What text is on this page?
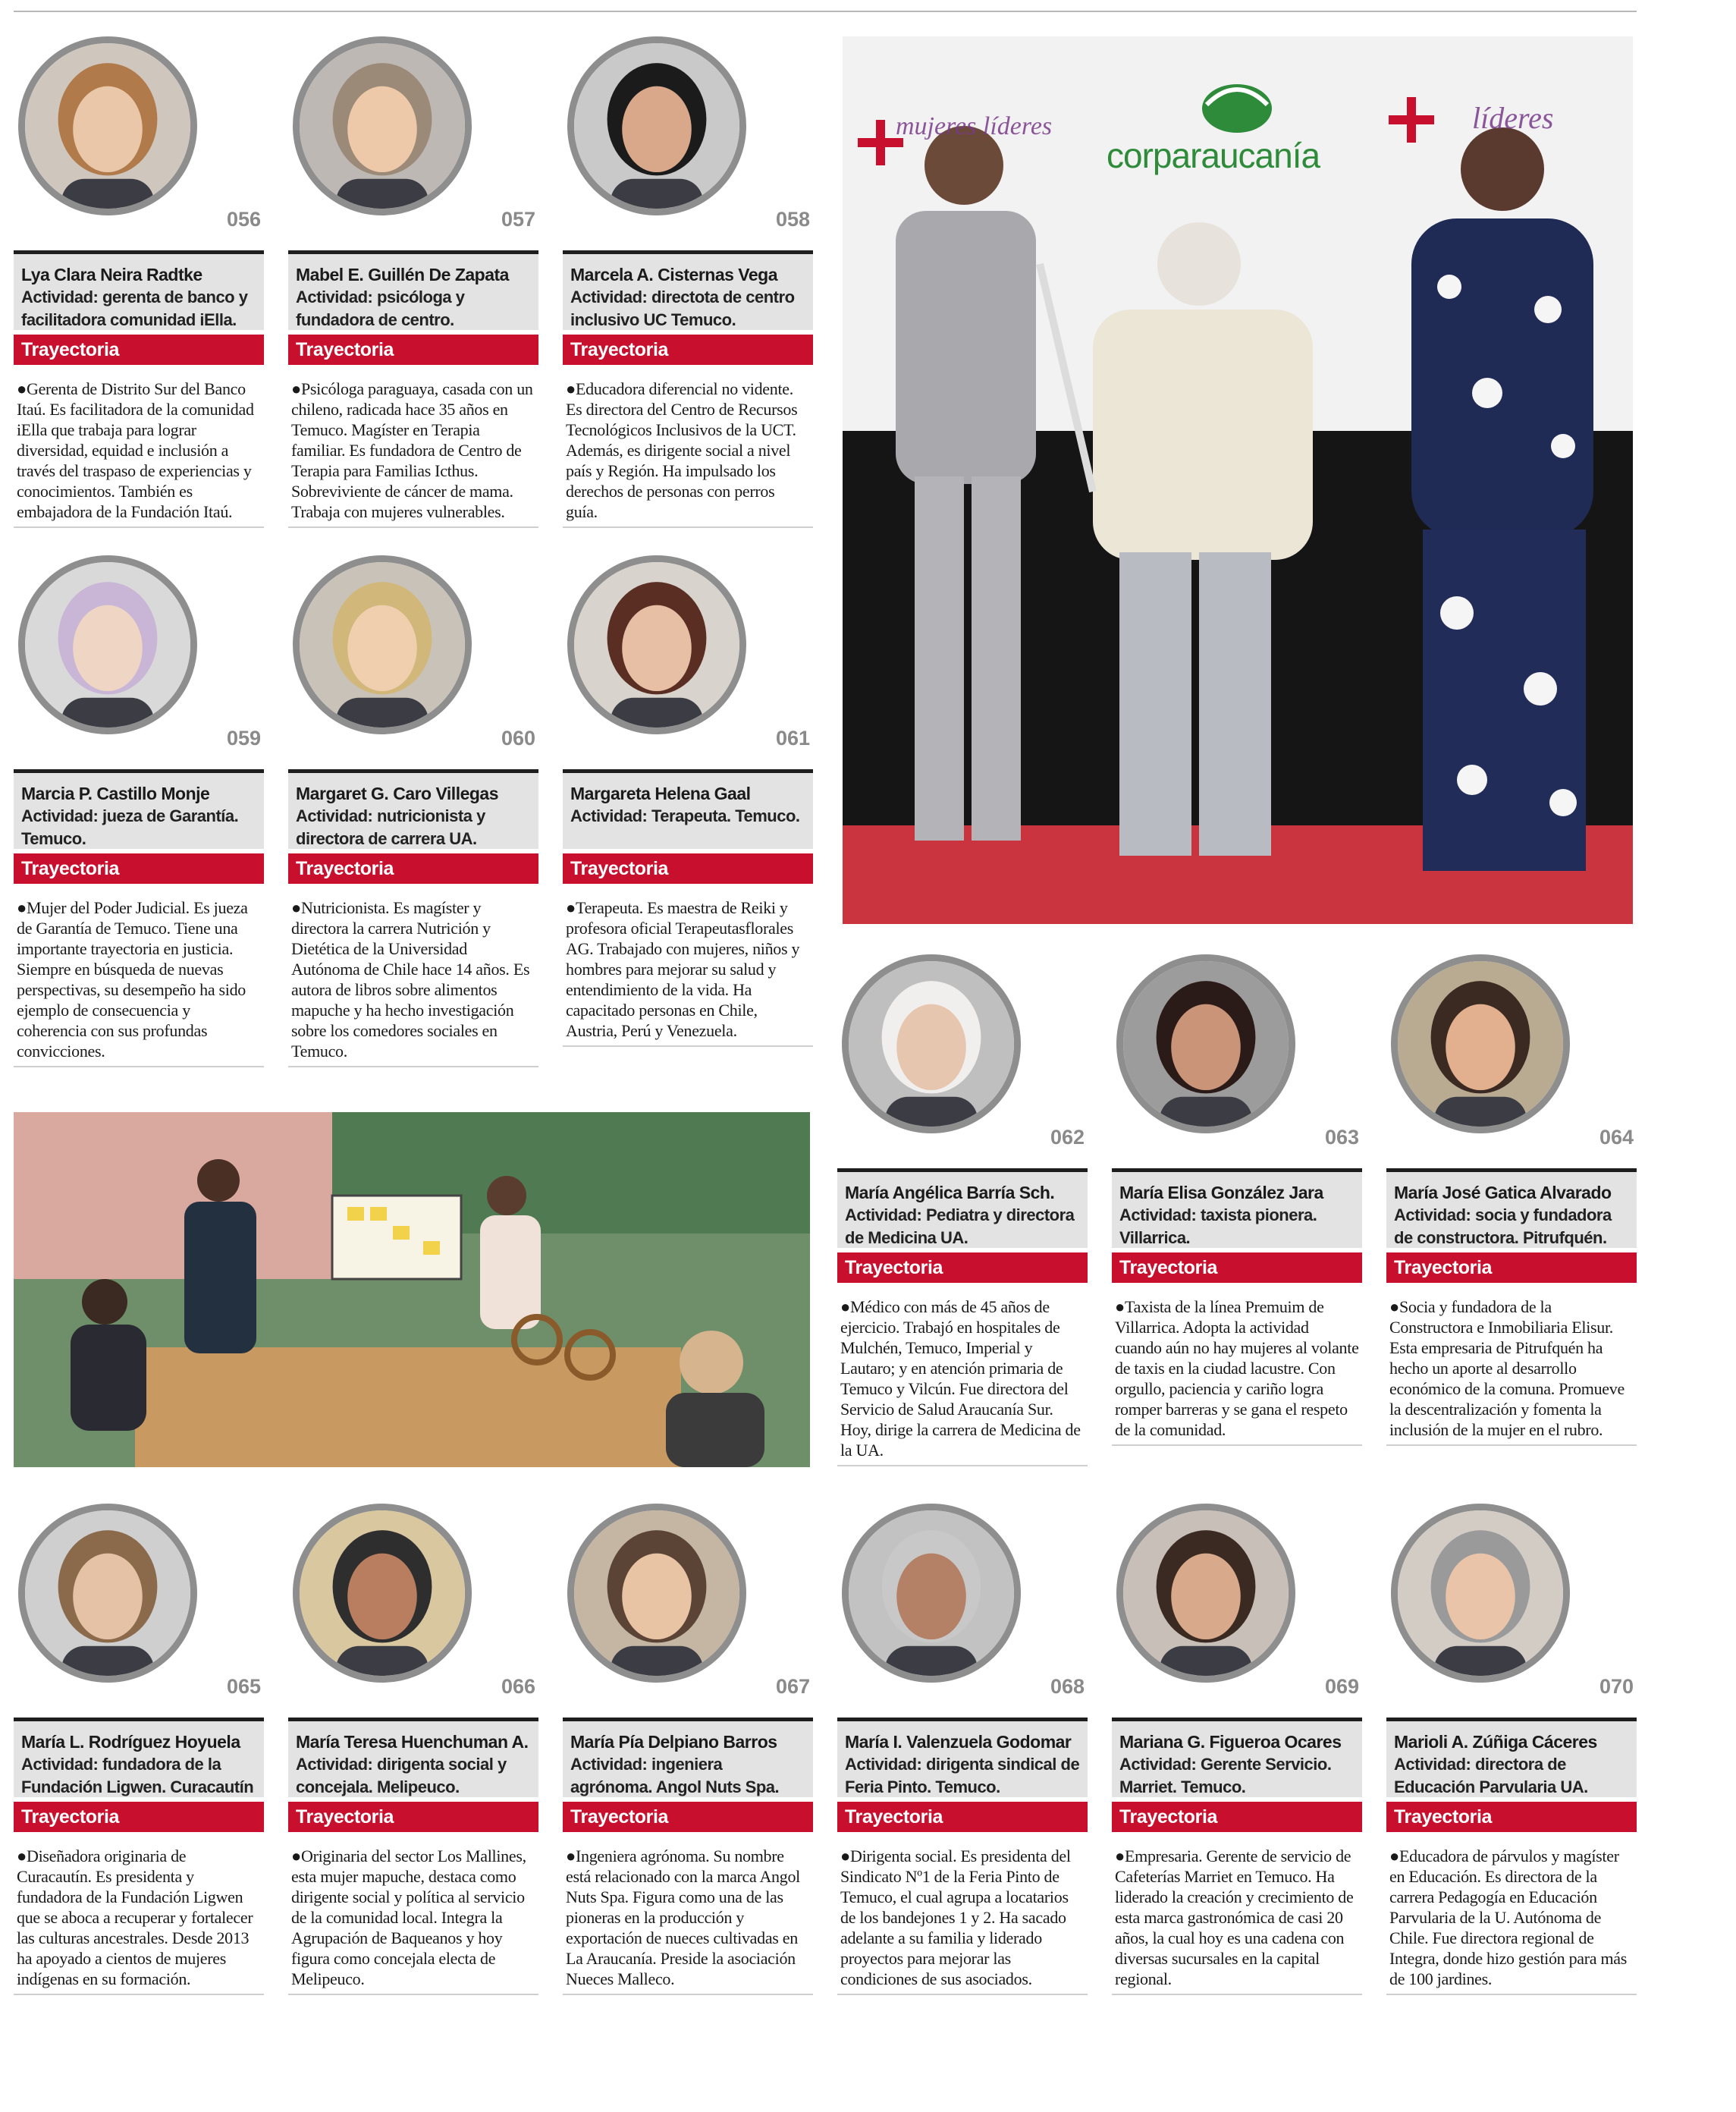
corparaucanía
mujeres líderes	líderes
056
Lya Clara Neira Radtke
Actividad: gerenta de banco y facilitadora comunidad iElla.
Trayectoria
●Gerenta de Distrito Sur del Banco Itaú. Es facilitadora de la comunidad iElla que trabaja para lograr diversidad, equidad e inclusión a través del traspaso de experiencias y conocimientos. También es embajadora de la Fundación Itaú.
057
Mabel E. Guillén De Zapata
Actividad: psicóloga y fundadora de centro.
Trayectoria
●Psicóloga paraguaya, casada con un chileno, radicada hace 35 años en Temuco. Magíster en Terapia familiar. Es fundadora de Centro de Terapia para Familias Icthus. Sobreviviente de cáncer de mama. Trabaja con mujeres vulnerables.
058
Marcela A. Cisternas Vega
Actividad: directota de centro inclusivo UC Temuco.
Trayectoria
●Educadora diferencial no vidente. Es directora del Centro de Recursos Tecnológicos Inclusivos de la UCT. Además, es dirigente social a nivel país y Región. Ha impulsado los derechos de personas con perros guía.
059
Marcia P. Castillo Monje
Actividad: jueza de Garantía. Temuco.
Trayectoria
●Mujer del Poder Judicial. Es jueza de Garantía de Temuco. Tiene una importante trayectoria en justicia. Siempre en búsqueda de nuevas perspectivas, su desempeño ha sido ejemplo de consecuencia y coherencia con sus profundas convicciones.
060
Margaret G. Caro Villegas
Actividad: nutricionista y directora de carrera UA.
Trayectoria
●Nutricionista. Es magíster y directora la carrera Nutrición y Dietética de la Universidad Autónoma de Chile hace 14 años. Es autora de libros sobre alimentos mapuche y ha hecho investigación sobre los comedores sociales en Temuco.
061
Margareta Helena Gaal
Actividad: Terapeuta. Temuco.
Trayectoria
●Terapeuta. Es maestra de Reiki y profesora oficial Terapeutasflorales AG. Trabajado con mujeres, niños y hombres para mejorar su salud y entendimiento de la vida. Ha capacitado personas en Chile, Austria, Perú y Venezuela.
062
María Angélica Barría Sch.
Actividad: Pediatra y directora de Medicina UA.
Trayectoria
●Médico con más de 45 años de ejercicio. Trabajó en hospitales de Mulchén, Temuco, Imperial y Lautaro; y en atención primaria de Temuco y Vilcún. Fue directora del Servicio de Salud Araucanía Sur. Hoy, dirige la carrera de Medicina de la UA.
063
María Elisa González Jara
Actividad: taxista pionera. Villarrica.
Trayectoria
●Taxista de la línea Premuim de Villarrica. Adopta la actividad cuando aún no hay mujeres al volante de taxis en la ciudad lacustre. Con orgullo, paciencia y cariño logra romper barreras y se gana el respeto de la comunidad.
064
María José Gatica Alvarado
Actividad: socia y fundadora de constructora. Pitrufquén.
Trayectoria
●Socia y fundadora de la Constructora e Inmobiliaria Elisur. Esta empresaria de Pitrufquén ha hecho un aporte al desarrollo económico de la comuna. Promueve la descentralización y fomenta la inclusión de la mujer en el rubro.
065
María L. Rodríguez Hoyuela
Actividad: fundadora de la Fundación Ligwen. Curacautín
Trayectoria
●Diseñadora originaria de Curacautín. Es presidenta y fundadora de la Fundación Ligwen que se aboca a recuperar y fortalecer las culturas ancestrales. Desde 2013 ha apoyado a cientos de mujeres indígenas en su formación.
066
María Teresa Huenchuman A.
Actividad: dirigenta social y concejala. Melipeuco.
Trayectoria
●Originaria del sector Los Mallines, esta mujer mapuche, destaca como dirigente social y política al servicio de la comunidad local. Integra la Agrupación de Baqueanos y hoy figura como concejala electa de Melipeuco.
067
María Pía Delpiano Barros
Actividad: ingeniera agrónoma. Angol Nuts Spa.
Trayectoria
●Ingeniera agrónoma. Su nombre está relacionado con la marca Angol Nuts Spa. Figura como una de las pioneras en la producción y exportación de nueces cultivadas en La Araucanía. Preside la asociación Nueces Malleco.
068
María I. Valenzuela Godomar
Actividad: dirigenta sindical de Feria Pinto. Temuco.
Trayectoria
●Dirigenta social. Es presidenta del Sindicato Nº1 de la Feria Pinto de Temuco, el cual agrupa a locatarios de los bandejones 1 y 2. Ha sacado adelante a su familia y liderado proyectos para mejorar las condiciones de sus asociados.
069
Mariana G. Figueroa Ocares
Actividad: Gerente Servicio. Marriet. Temuco.
Trayectoria
●Empresaria. Gerente de servicio de Cafeterías Marriet en Temuco. Ha liderado la creación y crecimiento de esta marca gastronómica de casi 20 años, la cual hoy es una cadena con diversas sucursales en la capital regional.
070
Marioli A. Zúñiga Cáceres
Actividad: directora de Educación Parvularia UA.
Trayectoria
●Educadora de párvulos y magíster en Educación. Es directora de la carrera Pedagogía en Educación Parvularia de la U. Autónoma de Chile. Fue directora regional de Integra, donde hizo gestión para más de 100 jardines.
